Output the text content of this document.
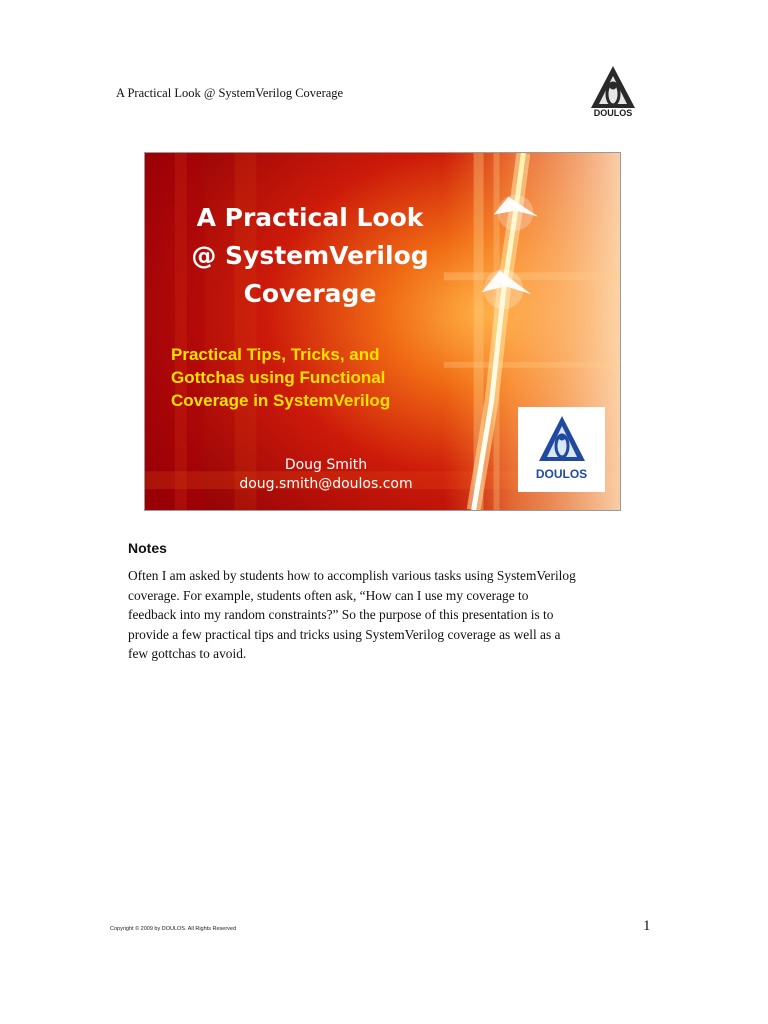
A Practical Look @ SystemVerilog Coverage
DOULOS
A Practical Look
@ SystemVerilog
Coverage
Practical Tips, Tricks, and
Gottchas using Functional
Coverage in SystemVerilog
Doug Smith
doug.smith@doulos.com
DOULOS
Notes
Often I am asked by students how to accomplish various tasks using SystemVerilog
coverage. For example, students often ask, “How can I use my coverage to
feedback into my random constraints?” So the purpose of this presentation is to
provide a few practical tips and tricks using SystemVerilog coverage as well as a
few gottchas to avoid.
Copyright © 2009 by DOULOS. All Rights Reserved	1
